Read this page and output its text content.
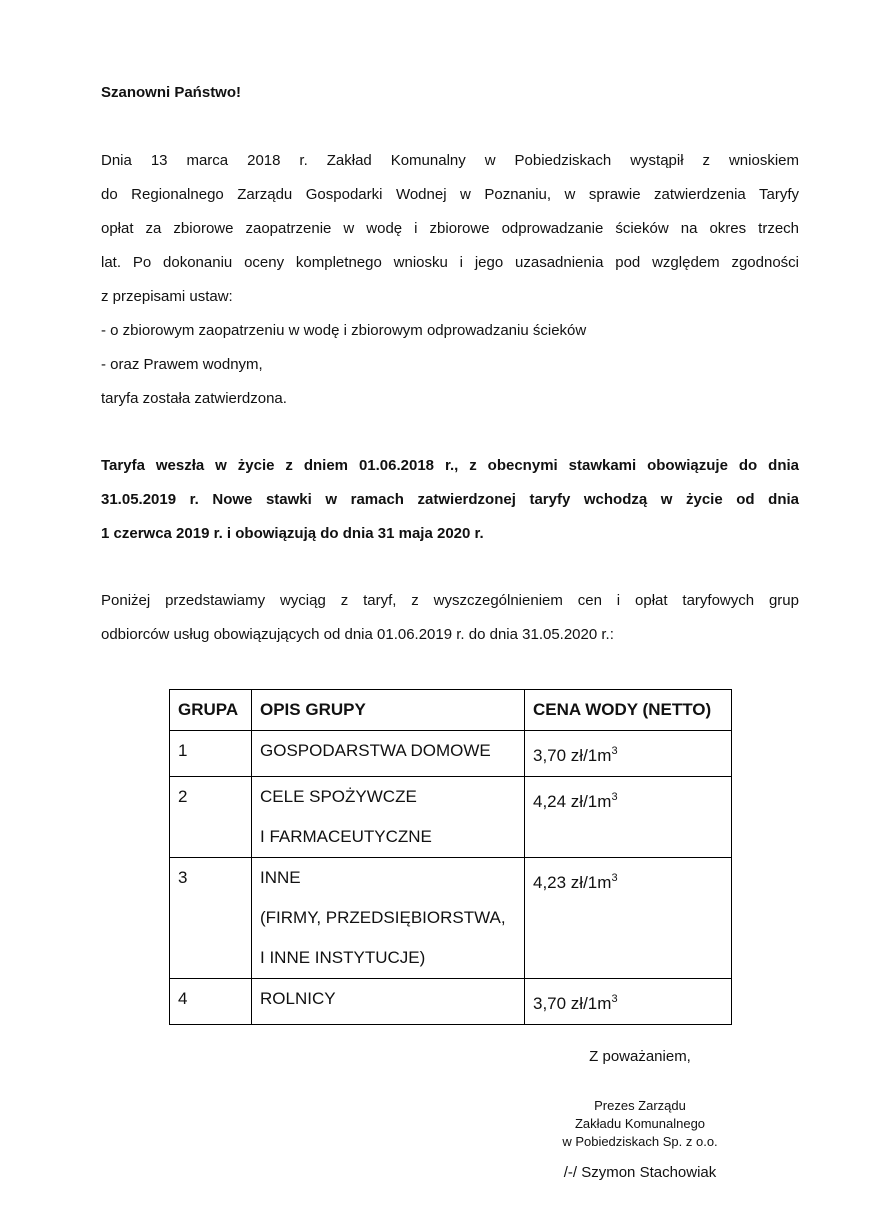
Szanowni Państwo!
Dnia 13 marca 2018 r. Zakład Komunalny w Pobiedziskach wystąpił z wnioskiem
do Regionalnego Zarządu Gospodarki Wodnej w Poznaniu, w sprawie zatwierdzenia Taryfy
opłat za zbiorowe zaopatrzenie w wodę i zbiorowe odprowadzanie ścieków na okres trzech
lat. Po dokonaniu oceny kompletnego wniosku i jego uzasadnienia pod względem zgodności
z przepisami ustaw:
- o zbiorowym zaopatrzeniu w wodę i zbiorowym odprowadzaniu ścieków
- oraz Prawem wodnym,
taryfa została zatwierdzona.
Taryfa weszła w życie z dniem 01.06.2018 r., z obecnymi stawkami obowiązuje do dnia
31.05.2019 r. Nowe stawki w ramach zatwierdzonej taryfy wchodzą w życie od dnia
1 czerwca 2019 r. i obowiązują do dnia 31 maja 2020 r.
Poniżej przedstawiamy wyciąg z taryf, z wyszczególnieniem cen i opłat taryfowych grup
odbiorców usług obowiązujących od dnia 01.06.2019 r. do dnia 31.05.2020 r.:
GRUPA	OPIS GRUPY	CENA WODY (NETTO)

1	GOSPODARSTWA DOMOWE	3,70 $zł/1m^3$

2	CELE SPOŻYWCZE
I FARMACEUTYCZNE	4,24 $zł/1m^3$

3	INNE
(FIRMY, PRZEDSIĘBIORSTWA,
I INNE INSTYTUCJE)	4,23 $zł/1m^3$

4	ROLNICY	3,70 $zł/1m^3$
Z poważaniem,
Prezes Zarządu
Zakładu Komunalnego
w Pobiedziskach Sp. z o.o.
/-/ Szymon Stachowiak
